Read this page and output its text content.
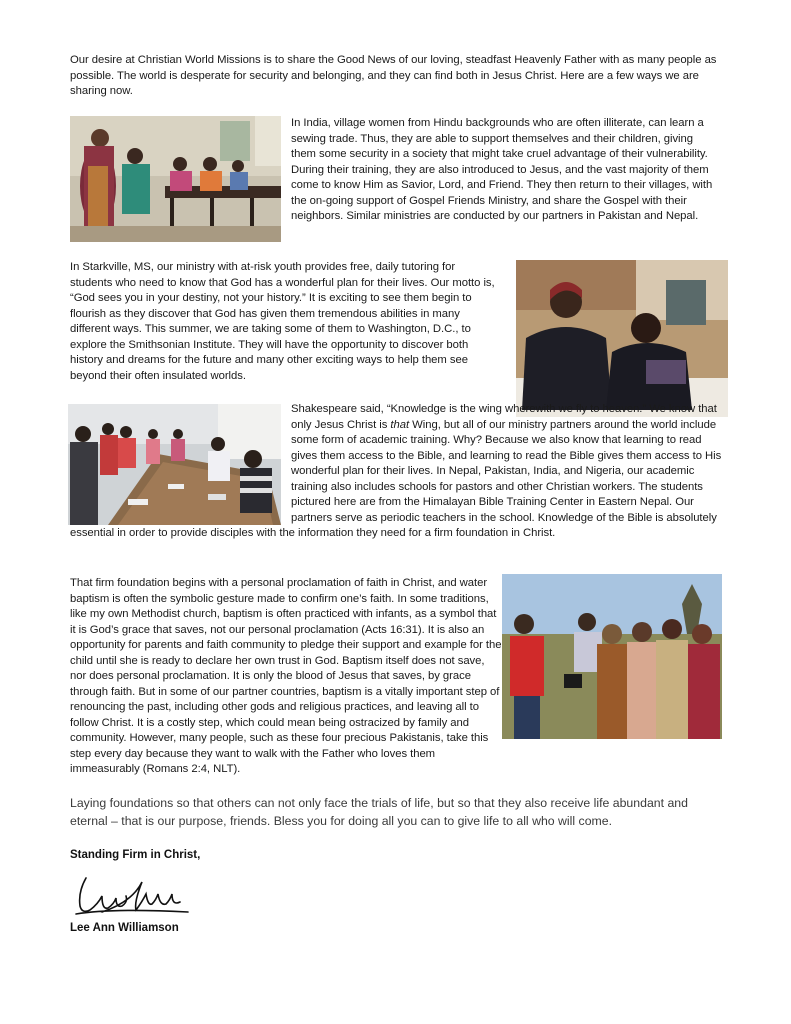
Our desire at Christian World Missions is to share the Good News of our loving, steadfast Heavenly Father with as many people as possible. The world is desperate for security and belonging, and they can find both in Jesus Christ. Here are a few ways we are sharing now.

In India, village women from Hindu backgrounds who are often illiterate, can learn a sewing trade. Thus, they are able to support themselves and their children, giving them some security in a society that might take cruel advantage of their vulnerability. During their training, they are also introduced to Jesus, and the vast majority of them come to know Him as Savior, Lord, and Friend. They then return to their villages, with the on-going support of Gospel Friends Ministry, and share the Gospel with their neighbors. Similar ministries are conducted by our partners in Pakistan and Nepal.

In Starkville, MS, our ministry with at-risk youth provides free, daily tutoring for students who need to know that God has a wonderful plan for their lives. Our motto is, “God sees you in your destiny, not your history.” It is exciting to see them begin to flourish as they discover that God has given them tremendous abilities in many different ways. This summer, we are taking some of them to Washington, D.C., to explore the Smithsonian Institute. They will have the opportunity to discover both history and dreams for the future and many other exciting ways to help them see beyond their often insulated worlds.

Shakespeare said, “Knowledge is the wing wherewith we fly to heaven.” We know that only Jesus Christ is that Wing, but all of our ministry partners around the world include some form of academic training. Why? Because we also know that learning to read gives them access to the Bible, and learning to read the Bible gives them access to His wonderful plan for their lives. In Nepal, Pakistan, India, and Nigeria, our academic training also includes schools for pastors and other Christian workers. The students pictured here are from the Himalayan Bible Training Center in Eastern Nepal. Our partners serve as periodic teachers in the school. Knowledge of the Bible is absolutely essential in order to provide disciples with the information they need for a firm foundation in Christ.

That firm foundation begins with a personal proclamation of faith in Christ, and water baptism is often the symbolic gesture made to confirm one’s faith. In some traditions, like my own Methodist church, baptism is often practiced with infants, as a symbol that it is God’s grace that saves, not our personal proclamation (Acts 16:31). It is also an opportunity for parents and faith community to pledge their support and example for the child until she is ready to declare her own trust in God. Baptism itself does not save, nor does personal proclamation. It is only the blood of Jesus that saves, by grace through faith. But in some of our partner countries, baptism is a vitally important step of renouncing the past, including other gods and religious practices, and leaving all to follow Christ. It is a costly step, which could mean being ostracized by family and community. However, many people, such as these four precious Pakistanis, take this step every day because they want to walk with the Father who loves them immeasurably (Romans 2:4, NLT).

Laying foundations so that others can not only face the trials of life, but so that they also receive life abundant and eternal – that is our purpose, friends. Bless you for doing all you can to give life to all who will come.
Standing Firm in Christ,
Lee Ann Williamson
